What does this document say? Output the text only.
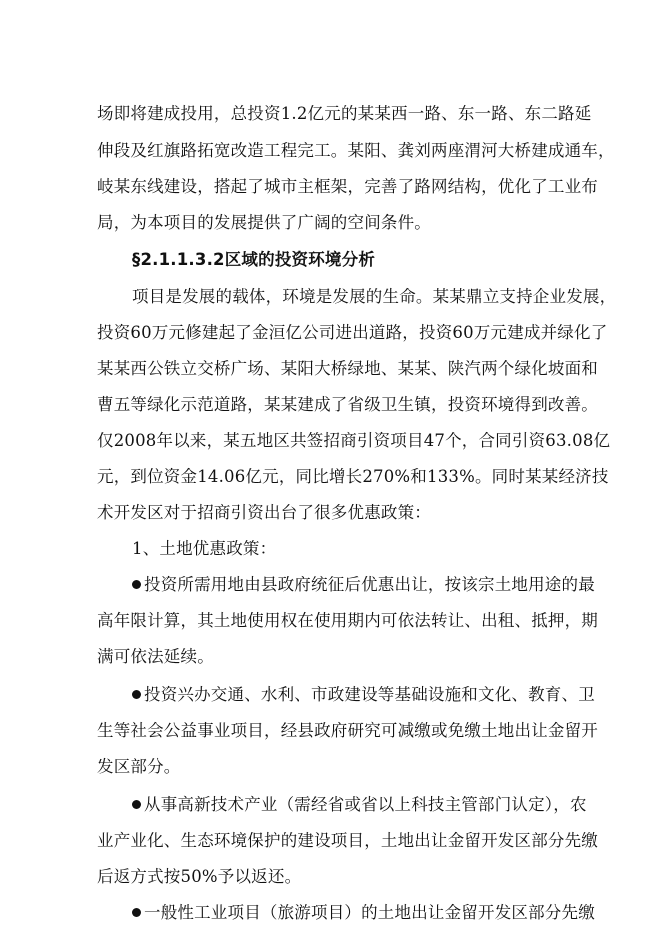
场即将建成投用，总投资1.2亿元的某某西一路、东一路、东二路延

伸段及红旗路拓宽改造工程完工。某阳、龚刘两座渭河大桥建成通车，

岐某东线建设，搭起了城市主框架，完善了路网结构，优化了工业布

局，为本项目的发展提供了广阔的空间条件。

§2.1.1.3.2区域的投资环境分析

项目是发展的载体，环境是发展的生命。某某鼎立支持企业发展，

投资60万元修建起了金洹亿公司进出道路，投资60万元建成并绿化了

某某西公铁立交桥广场、某阳大桥绿地、某某、陕汽两个绿化坡面和

曹五等绿化示范道路，某某建成了省级卫生镇，投资环境得到改善。

仅2008年以来，某五地区共签招商引资项目47个，合同引资63.08亿

元，到位资金14.06亿元，同比增长270%和133%。同时某某经济技

术开发区对于招商引资出台了很多优惠政策：

1、土地优惠政策：

投资所需用地由县政府统征后优惠出让，按该宗土地用途的最

高年限计算，其土地使用权在使用期内可依法转让、出租、抵押，期

满可依法延续。

投资兴办交通、水利、市政建设等基础设施和文化、教育、卫

生等社会公益事业项目，经县政府研究可减缴或免缴土地出让金留开

发区部分。

从事高新技术产业（需经省或省以上科技主管部门认定），农

业产业化、生态环境保护的建设项目，土地出让金留开发区部分先缴

后返方式按50%予以返还。

一般性工业项目（旅游项目）的土地出让金留开发区部分先缴
